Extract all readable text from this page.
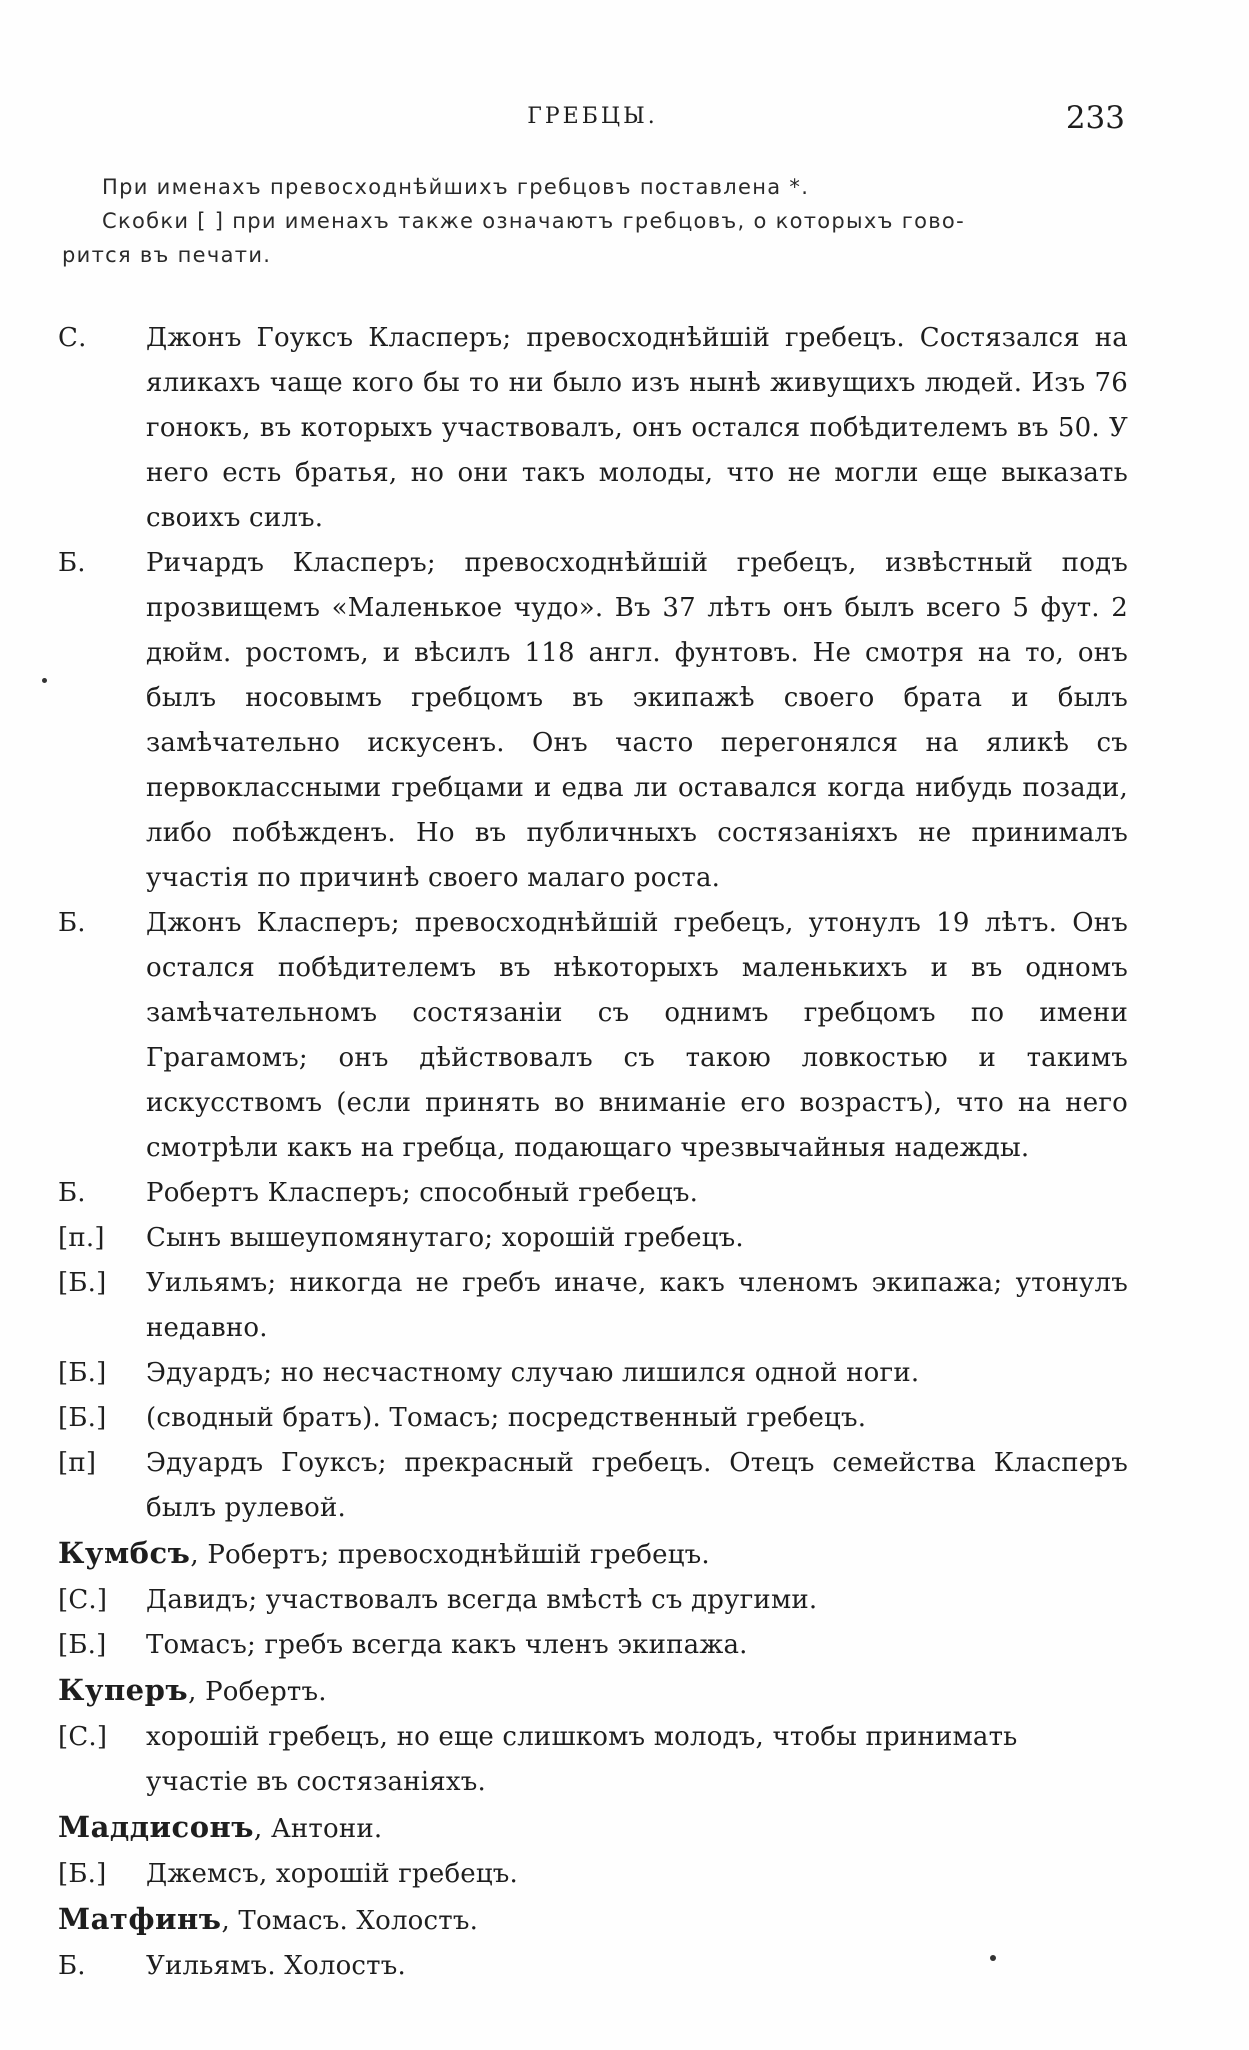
ГРЕБЦЫ.	233

При именахъ превосходнѣйшихъ гребцовъ поставлена *.

Скобки [ ] при именахъ также означаютъ гребцовъ, о которыхъ гово-

рится въ печати.

С.	Джонъ Гоуксъ Класперъ; превосходнѣйшій гребецъ. Состязался на яликахъ чаще кого бы то ни было изъ нынѣ живущихъ людей. Изъ 76 гонокъ, въ которыхъ участвовалъ, онъ остался побѣдителемъ въ 50. У него есть братья, но они такъ молоды, что не могли еще выказать своихъ силъ.
Б.	Ричардъ Класперъ; превосходнѣйшій гребецъ, извѣстный подъ прозвищемъ «Маленькое чудо». Въ 37 лѣтъ онъ былъ всего 5 фут. 2 дюйм. ростомъ, и вѣсилъ 118 англ. фунтовъ. Не смотря на то, онъ былъ носовымъ гребцомъ въ экипажѣ своего брата и былъ замѣчательно искусенъ. Онъ часто перегонялся на яликѣ съ первоклассными гребцами и едва ли оставался когда нибудь позади, либо побѣжденъ. Но въ публичныхъ состязаніяхъ не принималъ участія по причинѣ своего малаго роста.
Б.	Джонъ Класперъ; превосходнѣйшій гребецъ, утонулъ 19 лѣтъ. Онъ остался побѣдителемъ въ нѣкоторыхъ маленькихъ и въ одномъ замѣчательномъ состязаніи съ однимъ гребцомъ по имени Грагамомъ; онъ дѣйствовалъ съ такою ловкостью и такимъ искусствомъ (если принять во вниманіе его возрастъ), что на него смотрѣли какъ на гребца, подающаго чрезвычайныя надежды.
Б.	Робертъ Класперъ; способный гребецъ.
[п.]	Сынъ вышеупомянутаго; хорошій гребецъ.
[Б.]	Уильямъ; никогда не гребъ иначе, какъ членомъ экипажа; утонулъ недавно.
[Б.]	Эдуардъ; но несчастному случаю лишился одной ноги.
[Б.]	(сводный братъ). Томасъ; посредственный гребецъ.
[п]	Эдуардъ Гоуксъ; прекрасный гребецъ. Отецъ семейства Класперъ былъ рулевой.
Кумбсъ, Робертъ; превосходнѣйшій гребецъ.
[С.]	Давидъ; участвовалъ всегда вмѣстѣ съ другими.
[Б.]	Томасъ; гребъ всегда какъ членъ экипажа.
Куперъ, Робертъ.
[С.]	хорошій гребецъ, но еще слишкомъ молодъ, чтобы принимать участіе въ состязаніяхъ.
Маддисонъ, Антони.
[Б.]	Джемсъ, хорошій гребецъ.
Матфинъ, Томасъ. Холостъ.
Б.	Уильямъ. Холостъ.
